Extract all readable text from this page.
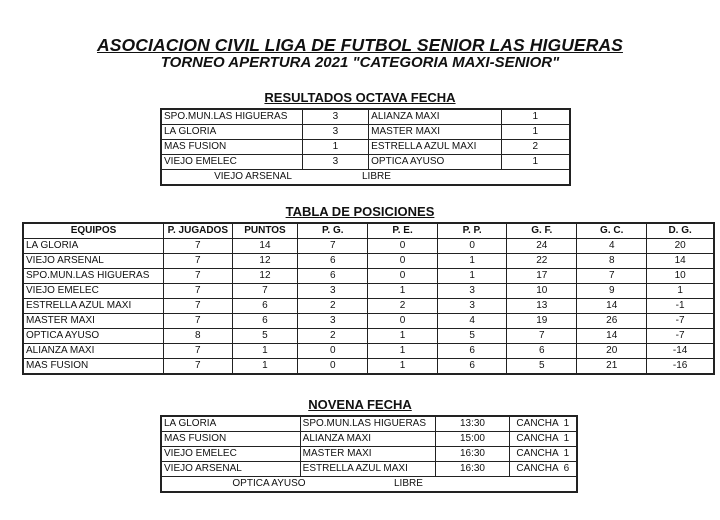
ASOCIACION CIVIL LIGA DE FUTBOL SENIOR LAS HIGUERAS
TORNEO APERTURA 2021 "CATEGORIA MAXI-SENIOR"
RESULTADOS OCTAVA FECHA
SPO.MUN.LAS HIGUERAS	3	ALIANZA MAXI	1
LA GLORIA	3	MASTER MAXI	1
MAS FUSION	1	ESTRELLA AZUL MAXI	2
VIEJO EMELEC	3	OPTICA AYUSO	1
VIEJO ARSENAL LIBRE			
TABLA DE POSICIONES
EQUIPOS	P. JUGADOS	PUNTOS	P. G.	P. E.	P. P.	G. F.	G. C.	D. G.
LA GLORIA	7	14	7	0	0	24	4	20
VIEJO ARSENAL	7	12	6	0	1	22	8	14
SPO.MUN.LAS HIGUERAS	7	12	6	0	1	17	7	10
VIEJO EMELEC	7	7	3	1	3	10	9	1
ESTRELLA AZUL MAXI	7	6	2	2	3	13	14	-1
MASTER MAXI	7	6	3	0	4	19	26	-7
OPTICA AYUSO	8	5	2	1	5	7	14	-7
ALIANZA MAXI	7	1	0	1	6	6	20	-14
MAS FUSION	7	1	0	1	6	5	21	-16
NOVENA FECHA
LA GLORIA	SPO.MUN.LAS HIGUERAS	13:30	CANCHA  1
MAS FUSION	ALIANZA MAXI	15:00	CANCHA  1
VIEJO EMELEC	MASTER MAXI	16:30	CANCHA  1
VIEJO ARSENAL	ESTRELLA AZUL MAXI	16:30	CANCHA  6
OPTICA AYUSO LIBRE			
